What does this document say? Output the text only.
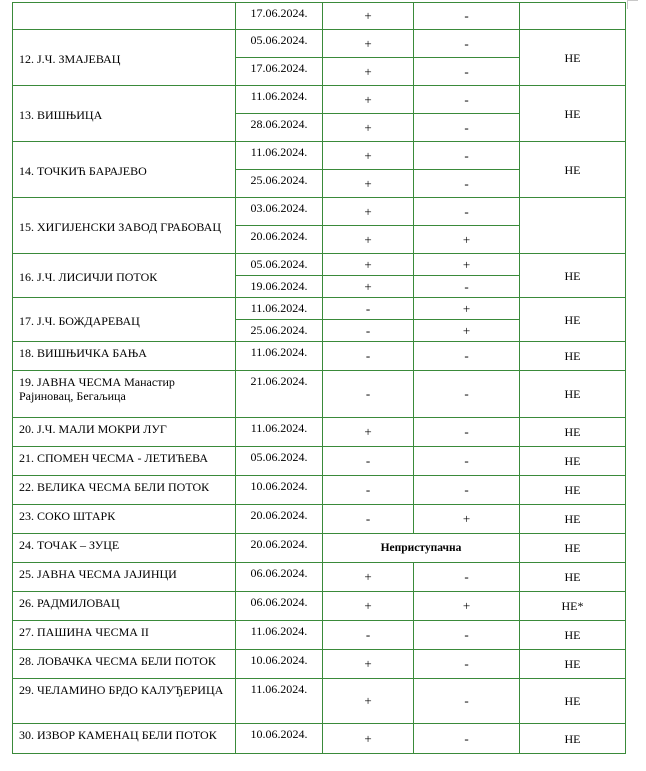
	17.06.2024.	+	-	
12. Ј.Ч. ЗМАЈЕВАЦ	05.06.2024.	+	-	НЕ
	17.06.2024.	+	-	
13. ВИШЊИЦА	11.06.2024.	+	-	НЕ
	28.06.2024.	+	-	
14. ТОЧКИЋ БАРАЈЕВО	11.06.2024.	+	-	НЕ
	25.06.2024.	+	-	
15. ХИГИЈЕНСКИ ЗАВОД ГРАБОВАЦ	03.06.2024.	+	-	
	20.06.2024.	+	+	
16. Ј.Ч. ЛИСИЧЈИ ПОТОК	05.06.2024.	+	+	НЕ
	19.06.2024.	+	-	
17. Ј.Ч. БОЖДАРЕВАЦ	11.06.2024.	-	+	НЕ
	25.06.2024.	-	+	
18. ВИШЊИЧКА БАЊА	11.06.2024.	-	-	НЕ
19. ЈАВНА ЧЕСМА Манастир Рајиновац, Бегаљица	21.06.2024.	-	-	НЕ
20. Ј.Ч. МАЛИ МОКРИ ЛУГ	11.06.2024.	+	-	НЕ
21. СПОМЕН ЧЕСМА - ЛЕТИЋЕВА	05.06.2024.	-	-	НЕ
22. ВЕЛИКА ЧЕСМА БЕЛИ ПОТОК	10.06.2024.	-	-	НЕ
23. СОКО ШТАРК	20.06.2024.	-	+	НЕ
24. ТОЧАК – ЗУЦЕ	20.06.2024.	Неприступачна		НЕ
25. ЈАВНА ЧЕСМА ЈАЈИНЦИ	06.06.2024.	+	-	НЕ
26. РАДМИЛОВАЦ	06.06.2024.	+	+	НЕ*
27. ПАШИНА ЧЕСМА II	11.06.2024.	-	-	НЕ
28. ЛОВАЧКА ЧЕСМА БЕЛИ ПОТОК	10.06.2024.	+	-	НЕ
29. ЧЕЛАМИНО БРДО КАЛУЂЕРИЦА	11.06.2024.	+	-	НЕ
30. ИЗВОР КАМЕНАЦ БЕЛИ ПОТОК	10.06.2024.	+	-	НЕ
